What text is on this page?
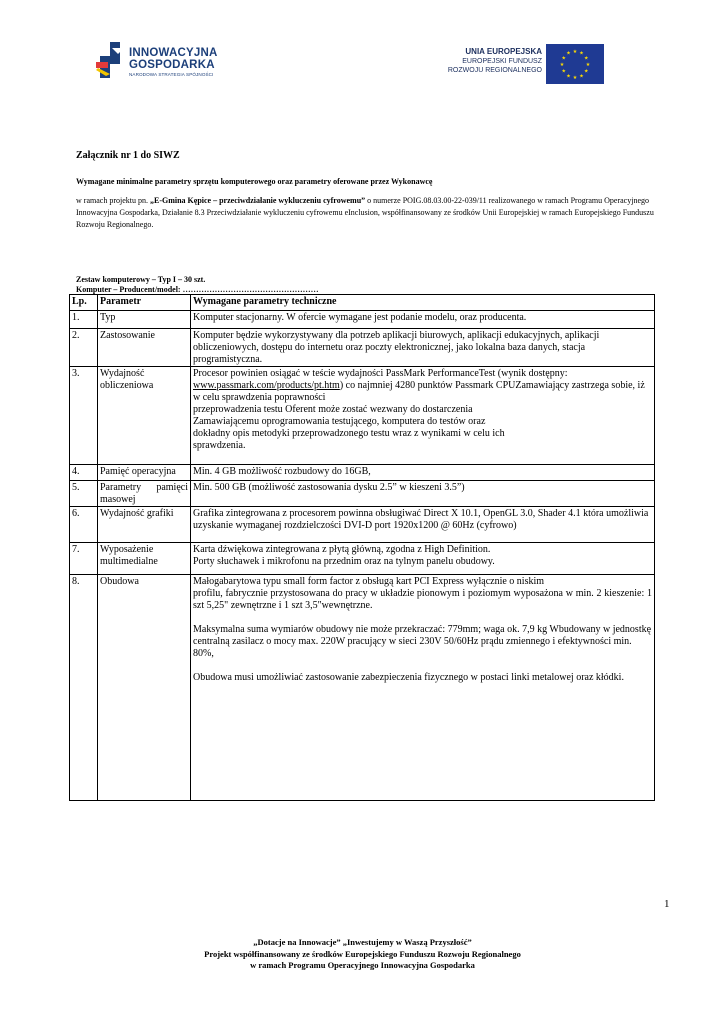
INNOWACYJNA
GOSPODARKA
NARODOWA STRATEGIA SPÓJNOŚCI
UNIA EUROPEJSKA
EUROPEJSKI FUNDUSZ
ROZWOJU REGIONALNEGO
★ ★
★
★
★
★
★
★
★
★
★
★
Załącznik nr 1 do SIWZ
Wymagane minimalne parametry sprzętu komputerowego oraz parametry oferowane przez Wykonawcę
w ramach projektu pn. „E-Gmina Kępice – przeciwdziałanie wykluczeniu cyfrowemu” o numerze POIG.08.03.00-22-039/11 realizowanego w ramach Programu Operacyjnego Innowacyjna Gospodarka, Działanie 8.3 Przeciwdziałanie wykluczeniu cyfrowemu eInclusion, współfinansowany ze środków Unii Europejskiej w ramach Europejskiego Funduszu Rozwoju Regionalnego.
Zestaw komputerowy – Typ I – 30 szt.
Komputer – Producent/model: ……………………………………………
Lp.	Parametr	Wymagane parametry techniczne
1.	Typ	Komputer stacjonarny. W ofercie wymagane jest podanie modelu, oraz producenta.
2.	Zastosowanie	Komputer będzie wykorzystywany dla potrzeb aplikacji biurowych, aplikacji edukacyjnych, aplikacji obliczeniowych, dostępu do internetu oraz poczty elektronicznej, jako lokalna baza danych, stacja programistyczna.
3.	Wydajność obliczeniowa	Procesor powinien osiągać w teście wydajności PassMark PerformanceTest (wynik dostępny: www.passmark.com/products/pt.htm) co najmniej 4280 punktów Passmark CPUZamawiający zastrzega sobie, iż w celu sprawdzenia poprawności
przeprowadzenia testu Oferent może zostać wezwany do dostarczenia
Zamawiającemu oprogramowania testującego, komputera do testów oraz
dokładny opis metodyki przeprowadzonego testu wraz z wynikami w celu ich
sprawdzenia.

4.	Pamięć operacyjna	Min. 4 GB możliwość rozbudowy do 16GB,
5.	Parametry pamięci masowej	Min. 500 GB (możliwość zastosowania dysku 2.5” w kieszeni 3.5”)
6.	Wydajność grafiki	Grafika zintegrowana z procesorem powinna obsługiwać Direct X 10.1, OpenGL 3.0, Shader 4.1 która umożliwia uzyskanie wymaganej rozdzielczości DVI-D port 1920x1200 @ 60Hz (cyfrowo)
7.	Wyposażenie multimedialne	Karta dźwiękowa zintegrowana z płytą główną, zgodna z High Definition.
Porty słuchawek i mikrofonu na przednim oraz na tylnym panelu obudowy.

8.	Obudowa	Małogabarytowa typu small form factor z obsługą kart PCI Express wyłącznie o niskim
profilu, fabrycznie przystosowana do pracy w układzie pionowym i poziomym wyposażona w min. 2 kieszenie: 1 szt 5,25" zewnętrzne i 1 szt 3,5"wewnętrzne.
Maksymalna suma wymiarów obudowy nie może przekraczać: 779mm; waga ok. 7,9 kg Wbudowany w jednostkę centralną zasilacz o mocy max. 220W pracujący w sieci 230V 50/60Hz prądu zmiennego i efektywności min. 80%,
Obudowa musi umożliwiać zastosowanie zabezpieczenia fizycznego w postaci linki metalowej oraz kłódki.
1
„Dotacje na Innowacje” „Inwestujemy w Waszą Przyszłość”
Projekt współfinansowany ze środków Europejskiego Funduszu Rozwoju Regionalnego
w ramach Programu Operacyjnego Innowacyjna Gospodarka
